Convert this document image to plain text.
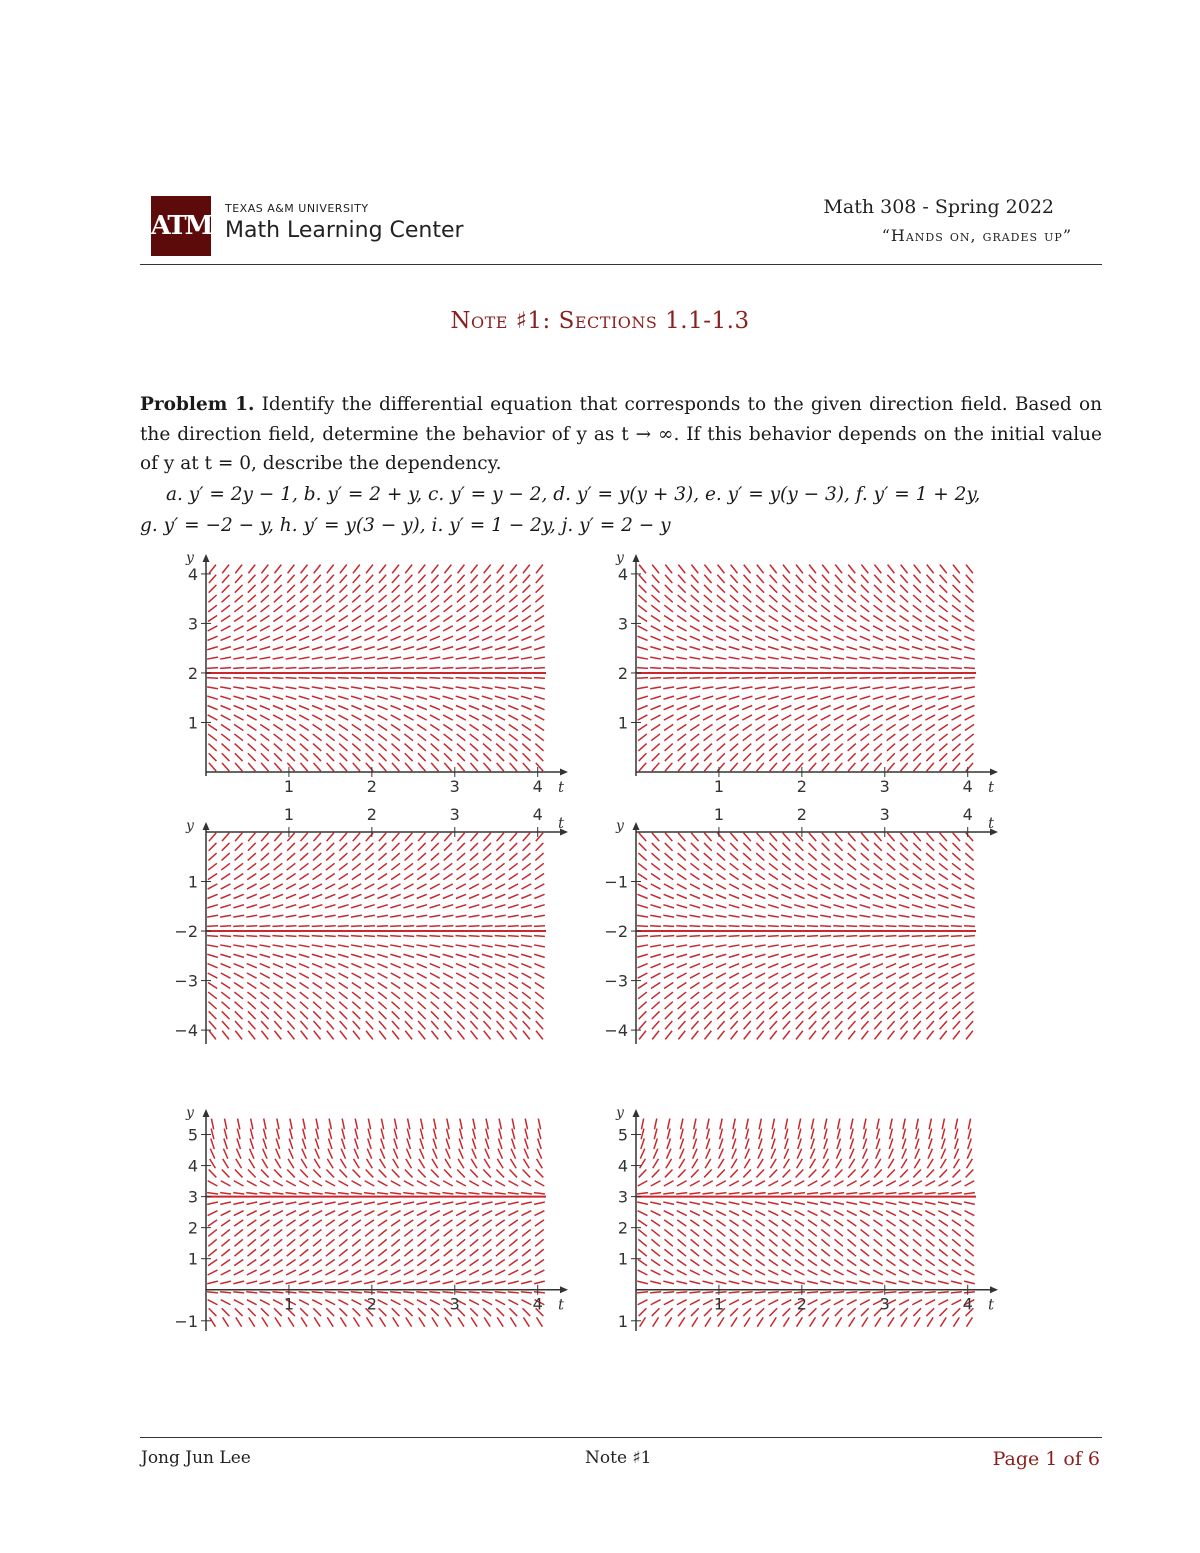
ATM
TEXAS A&M UNIVERSITY
Math Learning Center
Math 308 - Spring 2022
“Hands on, grades up”
Note ♯1: Sections 1.1-1.3
Problem 1. Identify the differential equation that corresponds to the given direction field. Based on the direction field, determine the behavior of y as t → ∞. If this behavior depends on the initial value of y at t = 0, describe the dependency.
a. y′ = 2y − 1, b. y′ = 2 + y, c. y′ = y − 2, d. y′ = y(y + 3), e. y′ = y(y − 3), f. y′ = 1 + 2y,
g. y′ = −2 − y, h. y′ = y(3 − y), i. y′ = 1 − 2y, j. y′ = 2 − y
1	2	3	4 t
y
1
2
3
4
1	2	3	4 t
y
1
2
3
4
1	2	3	4 t
y
1
−2
−3
−4
1	2	3	4 t
y
−1
−2
−3
−4
1	2	3	4 t
y
−1
1
2
3
4
5
1	2	3	4 t
y
1
1
2
3
4
5
Jong Jun Lee	Note ♯1	Page 1 of 6
